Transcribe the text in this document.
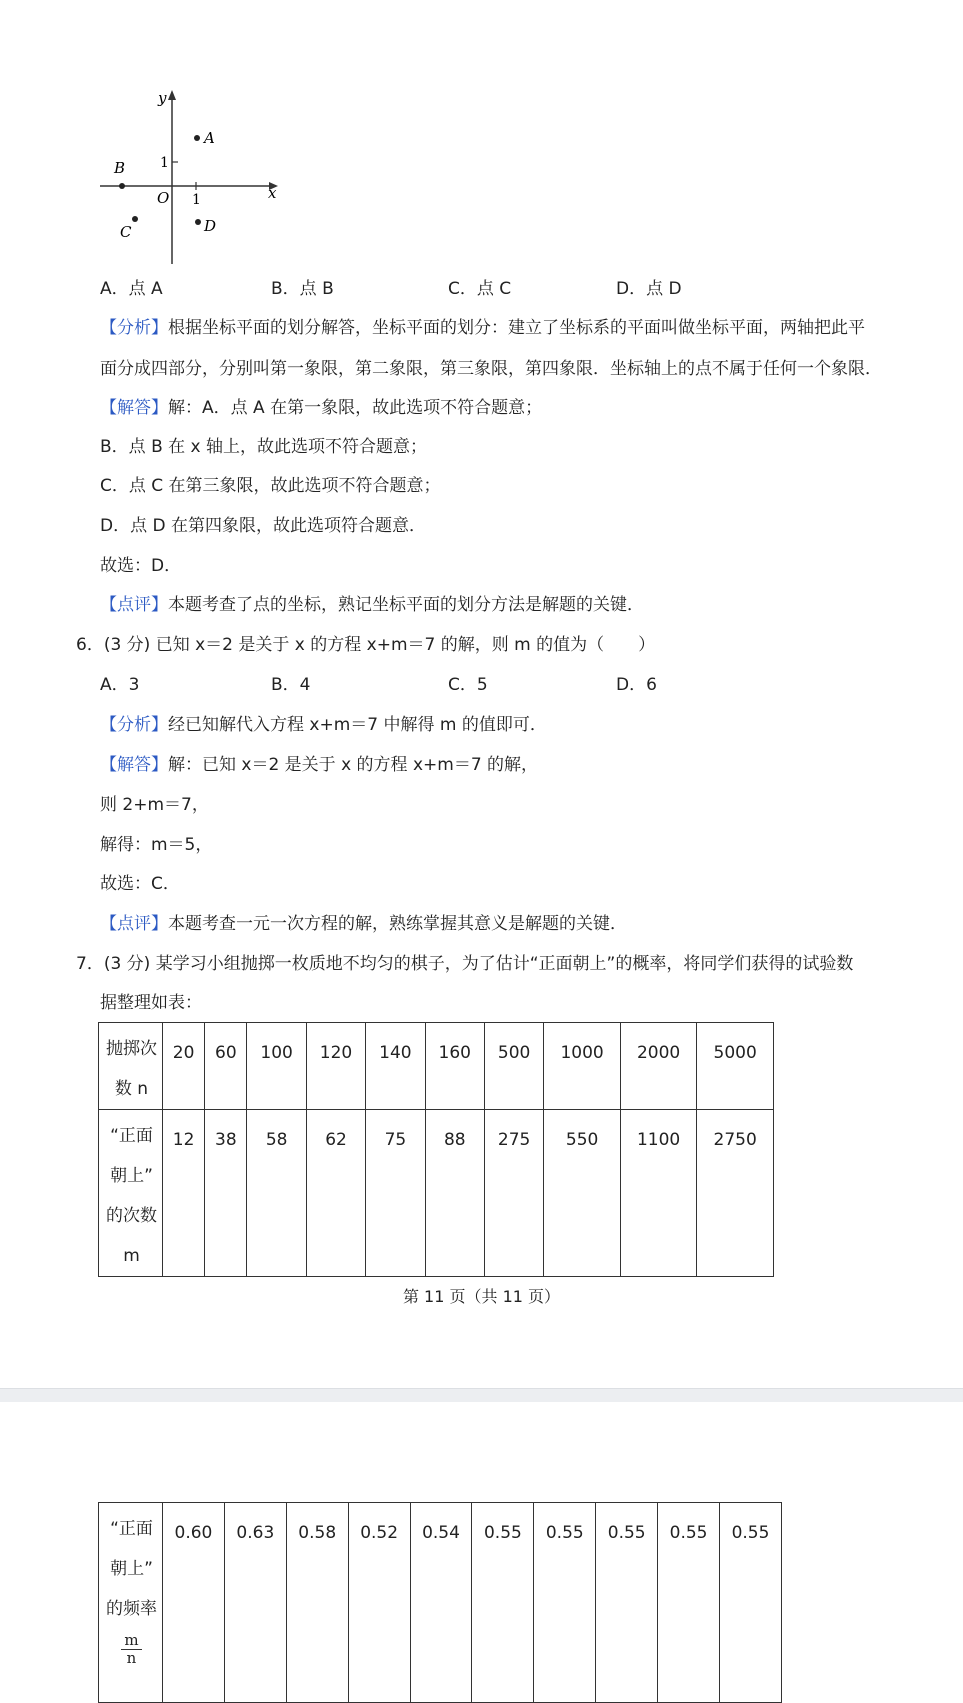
y
x
O 1
1
A
B
C	D
A．点 A	B．点 B	C．点 C	D．点 D
【分析】根据坐标平面的划分解答，坐标平面的划分：建立了坐标系的平面叫做坐标平面，两轴把此平
面分成四部分，分别叫第一象限，第二象限，第三象限，第四象限．坐标轴上的点不属于任何一个象限．
【解答】解：A．点 A 在第一象限，故此选项不符合题意；
B．点 B 在 x 轴上，故此选项不符合题意；
C．点 C 在第三象限，故此选项不符合题意；
D．点 D 在第四象限，故此选项符合题意．
故选：D．
【点评】本题考查了点的坐标，熟记坐标平面的划分方法是解题的关键．
6．(3 分) 已知 x＝2 是关于 x 的方程 x+m＝7 的解，则 m 的值为（　　）
A．3	B．4	C．5	D．6
【分析】经已知解代入方程 x+m＝7 中解得 m 的值即可．
【解答】解：已知 x＝2 是关于 x 的方程 x+m＝7 的解，
则 2+m＝7，
解得：m＝5，
故选：C．
【点评】本题考查一元一次方程的解，熟练掌握其意义是解题的关键．
7．(3 分) 某学习小组抛掷一枚质地不均匀的棋子，为了估计“正面朝上”的概率，将同学们获得的试验数
据整理如表：
抛掷次
数 n	20	60	100	120	140	160	500	1000	2000	5000

“正面
朝上”
的次数
m	12	38	58	62	75	88	275	550	1100	2750
第 11 页（共 11 页）
“正面
朝上”
的频率
$\frac{m}{n}$
	0.60	0.63	0.58	0.52	0.54	0.55	0.55	0.55	0.55	0.55
